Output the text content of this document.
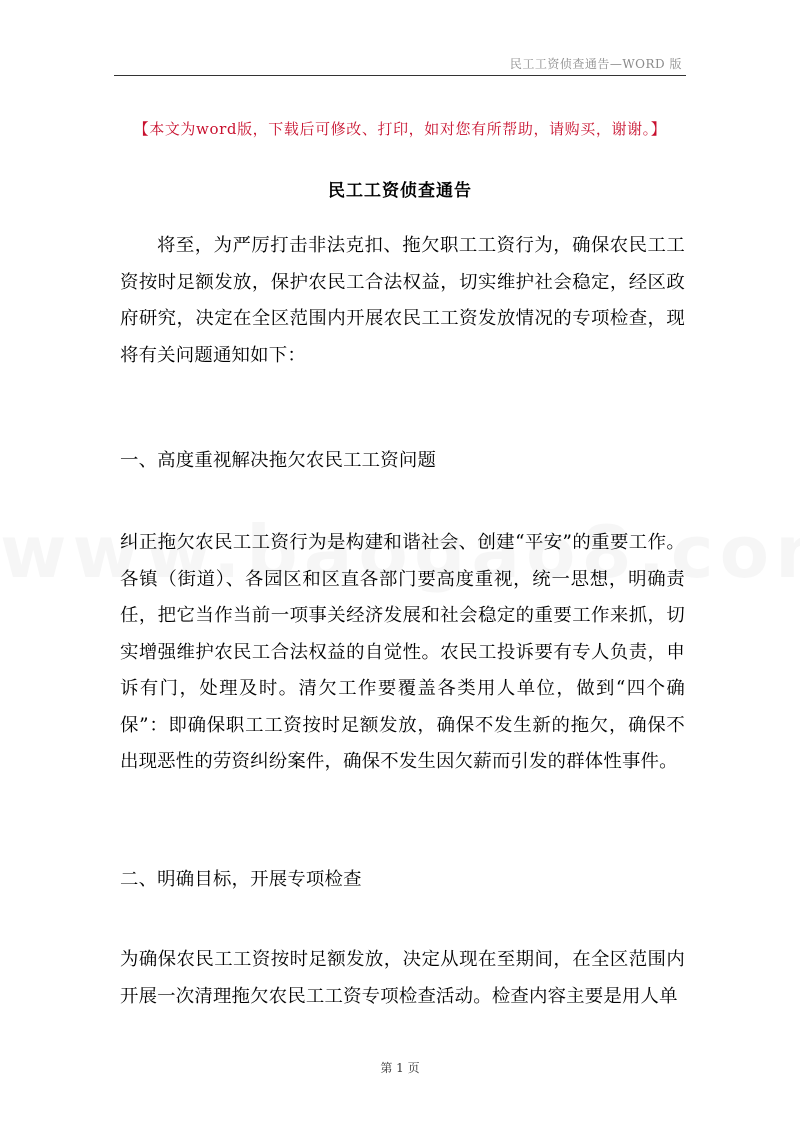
民工工资侦查通告—WORD 版
【本文为word版，下载后可修改、打印，如对您有所帮助，请购买，谢谢。】
民工工资侦查通告

将至，为严厉打击非法克扣、拖欠职工工资行为，确保农民工工资按时足额发放，保护农民工合法权益，切实维护社会稳定，经区政府研究，决定在全区范围内开展农民工工资发放情况的专项检查，现将有关问题通知如下：

一、高度重视解决拖欠农民工工资问题

纠正拖欠农民工工资行为是构建和谐社会、创建“平安”的重要工作。各镇（街道）、各园区和区直各部门要高度重视，统一思想，明确责任，把它当作当前一项事关经济发展和社会稳定的重要工作来抓，切实增强维护农民工合法权益的自觉性。农民工投诉要有专人负责，申诉有门，处理及时。清欠工作要覆盖各类用人单位，做到“四个确保”：即确保职工工资按时足额发放，确保不发生新的拖欠，确保不出现恶性的劳资纠纷案件，确保不发生因欠薪而引发的群体性事件。

二、明确目标，开展专项检查

为确保农民工工资按时足额发放，决定从现在至期间，在全区范围内开展一次清理拖欠农民工工资专项检查活动。检查内容主要是用人单

第 1 页
